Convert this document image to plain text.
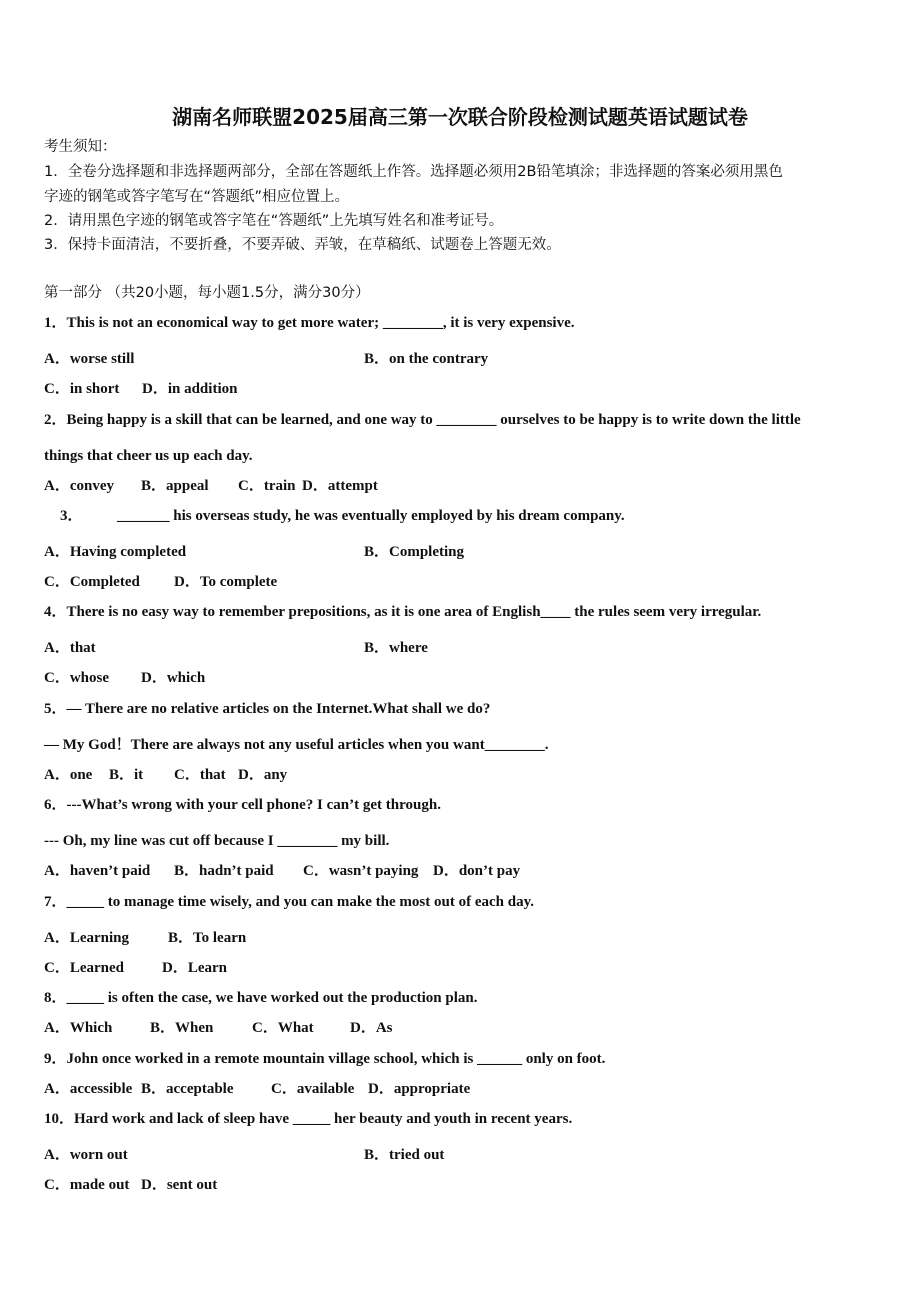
湖南名师联盟2025届高三第一次联合阶段检测试题英语试题试卷
考生须知：
1．全卷分选择题和非选择题两部分，全部在答题纸上作答。选择题必须用2B铅笔填涂；非选择题的答案必须用黑色
字迹的钢笔或答字笔写在“答题纸”相应位置上。
2．请用黑色字迹的钢笔或答字笔在“答题纸”上先填写姓名和准考证号。
3．保持卡面清洁，不要折叠，不要弄破、弄皱，在草稿纸、试题卷上答题无效。
第一部分 （共20小题，每小题1.5分，满分30分）
1．This is not an economical way to get more water; ________, it is very expensive.
A．worse still	B．on the contrary
C．in short D．in addition
2．Being happy is a skill that can be learned, and one way to ________ ourselves to be happy is to write down the little
things that cheer us up each day.
A．convey B．appeal C．train D．attempt
3． _______ his overseas study, he was eventually employed by his dream company.
A．Having completed	B．Completing
C．Completed D．To complete
4．There is no easy way to remember prepositions, as it is one area of English____ the rules seem very irregular.
A．that	B．where
C．whose D．which
5．— There are no relative articles on the Internet.What shall we do?
— My God！There are always not any useful articles when you want________.
A．one B．it C．that D．any
6．---What’s wrong with your cell phone? I can’t get through.
--- Oh, my line was cut off because I ________ my bill.
A．haven’t paid B．hadn’t paid C．wasn’t paying D．don’t pay
7．_____ to manage time wisely, and you can make the most out of each day.
A．Learning	B．To learn
C．Learned	D．Learn
8．_____ is often the case, we have worked out the production plan.
A．Which	B．When	C．What D．As
9．John once worked in a remote mountain village school, which is ______ only on foot.
A．accessible B．acceptable	C．available D．appropriate
10．Hard work and lack of sleep have _____ her beauty and youth in recent years.
A．worn out	B．tried out
C．made out D．sent out
